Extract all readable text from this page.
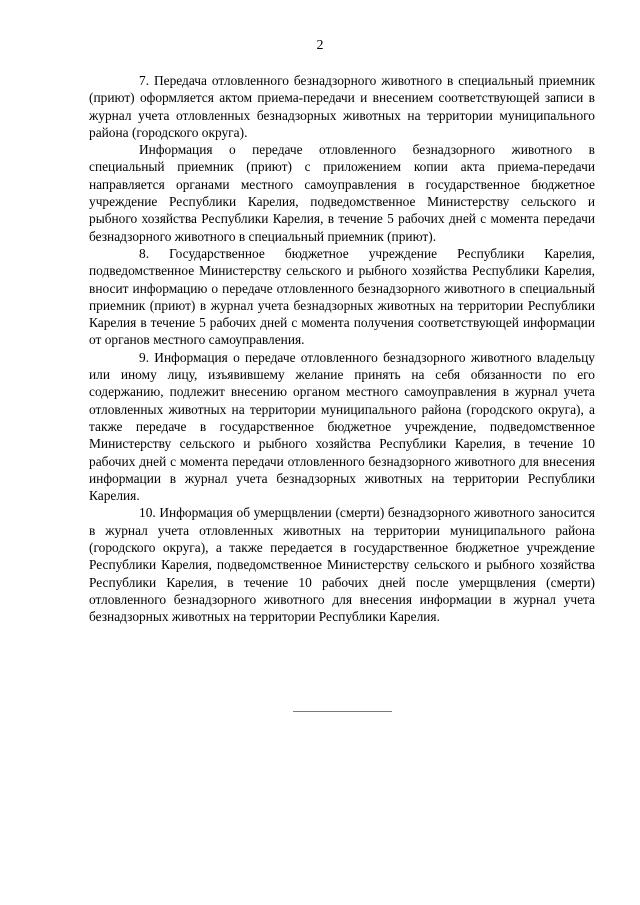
2

7. Передача отловленного безнадзорного животного в специальный приемник (приют) оформляется актом приема-передачи и внесением соответствующей записи в журнал учета отловленных безнадзорных животных на территории муниципального района (городского округа).

Информация о передаче отловленного безнадзорного животного в специальный приемник (приют) с приложением копии акта приема-передачи направляется органами местного самоуправления в государственное бюджетное учреждение Республики Карелия, подведомственное Министерству сельского и рыбного хозяйства Республики Карелия, в течение 5 рабочих дней с момента передачи безнадзорного животного в специальный приемник (приют).

8. Государственное бюджетное учреждение Республики Карелия, подведомственное Министерству сельского и рыбного хозяйства Республики Карелия, вносит информацию о передаче отловленного безнадзорного животного в специальный приемник (приют) в журнал учета безнадзорных животных на территории Республики Карелия в течение 5 рабочих дней с момента получения соответствующей информации от органов местного самоуправления.

9. Информация о передаче отловленного безнадзорного животного владельцу или иному лицу, изъявившему желание принять на себя обязанности по его содержанию, подлежит внесению органом местного самоуправления в журнал учета отловленных животных на территории муниципального района (городского округа), а также передаче в государственное бюджетное учреждение, подведомственное Министерству сельского и рыбного хозяйства Республики Карелия, в течение 10 рабочих дней с момента передачи отловленного безнадзорного животного для внесения информации в журнал учета безнадзорных животных на территории Республики Карелия.

10. Информация об умерщвлении (смерти) безнадзорного животного заносится в журнал учета отловленных животных на территории муниципального района (городского округа), а также передается в государственное бюджетное учреждение Республики Карелия, подведомственное Министерству сельского и рыбного хозяйства Республики Карелия, в течение 10 рабочих дней после умерщвления (смерти) отловленного безнадзорного животного для внесения информации в журнал учета безнадзорных животных на территории Республики Карелия.
